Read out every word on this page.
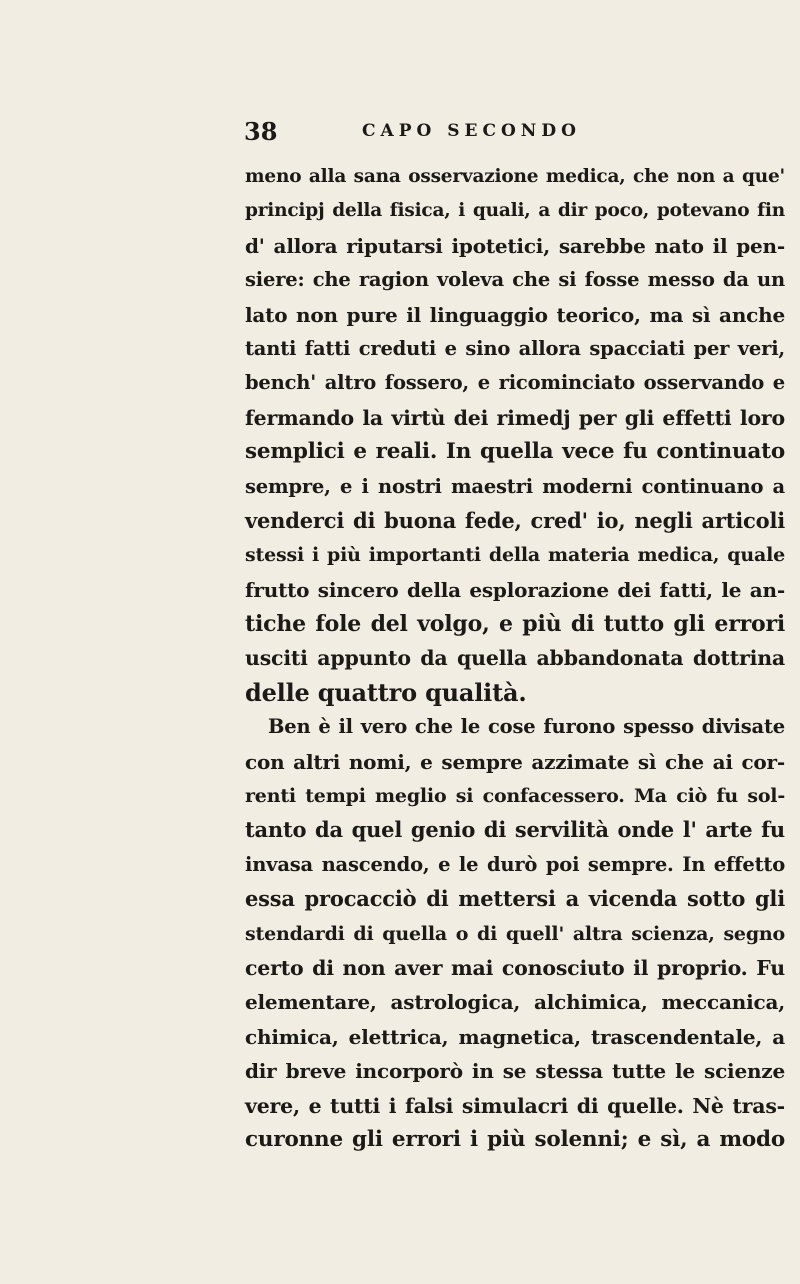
38	CAPO SECONDO
meno alla sana osservazione medica, che non a que'
principj della fisica, i quali, a dir poco, potevano fin
d' allora riputarsi ipotetici, sarebbe nato il pen-
siere: che ragion voleva che si fosse messo da un
lato non pure il linguaggio teorico, ma sì anche
tanti fatti creduti e sino allora spacciati per veri,
bench' altro fossero, e ricominciato osservando e
fermando la virtù dei rimedj per gli effetti loro
semplici e reali. In quella vece fu continuato
sempre, e i nostri maestri moderni continuano a
venderci di buona fede, cred' io, negli articoli
stessi i più importanti della materia medica, quale
frutto sincero della esplorazione dei fatti, le an-
tiche fole del volgo, e più di tutto gli errori
usciti appunto da quella abbandonata dottrina
delle quattro qualità.
Ben è il vero che le cose furono spesso divisate
con altri nomi, e sempre azzimate sì che ai cor-
renti tempi meglio si confacessero. Ma ciò fu sol-
tanto da quel genio di servilità onde l' arte fu
invasa nascendo, e le durò poi sempre. In effetto
essa procacciò di mettersi a vicenda sotto gli
stendardi di quella o di quell' altra scienza, segno
certo di non aver mai conosciuto il proprio. Fu
elementare, astrologica, alchimica, meccanica,
chimica, elettrica, magnetica, trascendentale, a
dir breve incorporò in se stessa tutte le scienze
vere, e tutti i falsi simulacri di quelle. Nè tras-
curonne gli errori i più solenni; e sì, a modo
